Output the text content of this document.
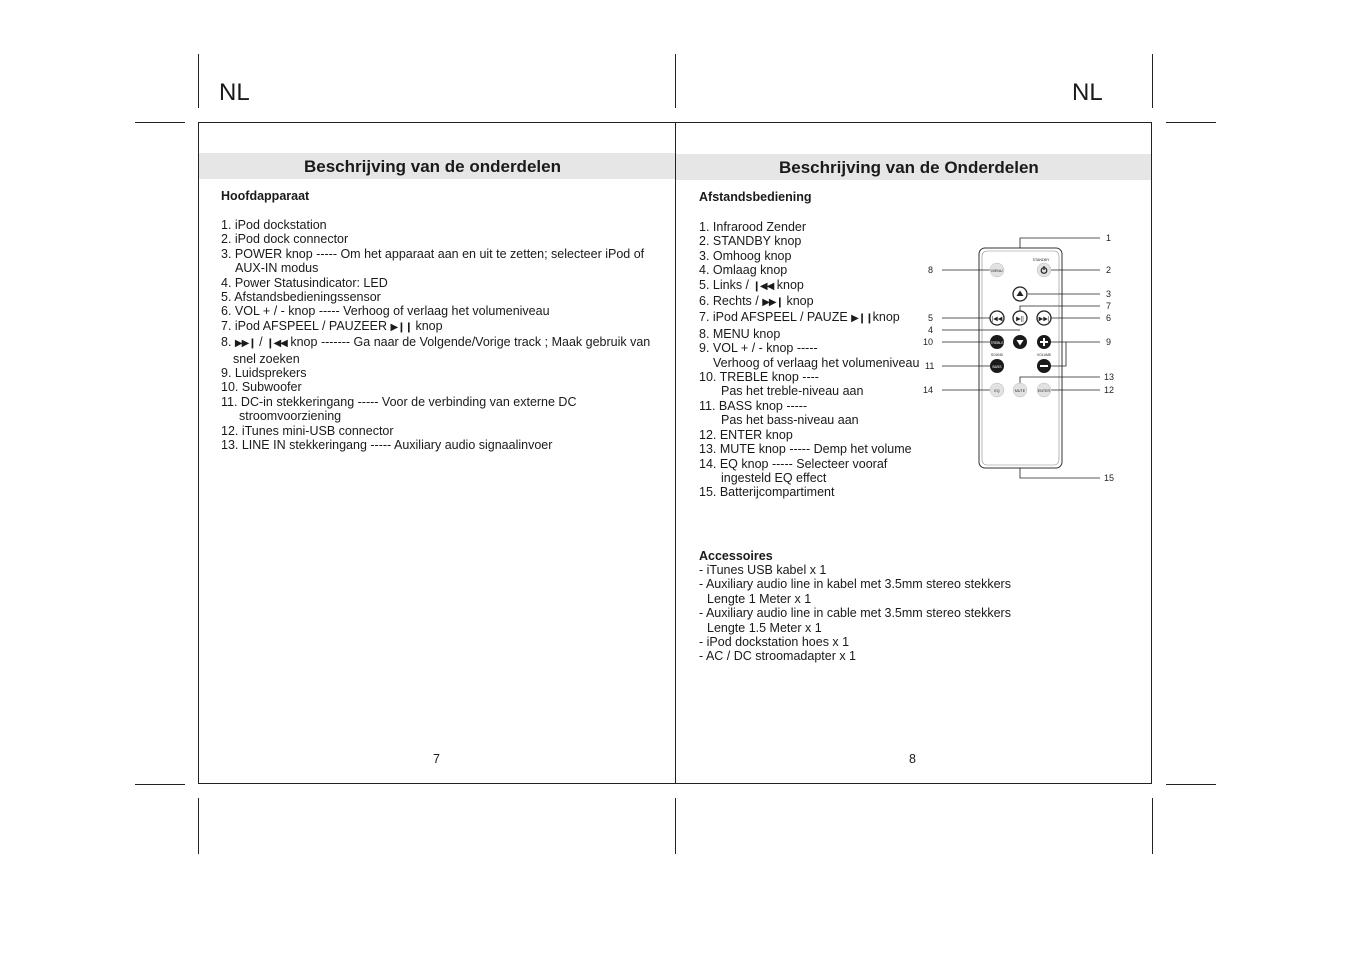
NL	NL
Beschrijving van de onderdelen
Hoofdapparaat
1. iPod dockstation
2. iPod dock connector
3. POWER knop ----- Om het apparaat aan en uit te zetten; selecteer iPod of
AUX-IN modus
4. Power Statusindicator: LED
5. Afstandsbedieningssensor
6. VOL + / - knop ----- Verhoog of verlaag het volumeniveau
7. iPod AFSPEEL / PAUZEER ▶❙❙ knop
8. ▶▶❙ / ❙◀◀ knop ------- Ga naar de Volgende/Vorige track ; Maak gebruik van
snel zoeken
9. Luidsprekers
10. Subwoofer
11. DC-in stekkeringang ----- Voor de verbinding van externe DC
stroomvoorziening
12. iTunes mini-USB connector
13. LINE IN stekkeringang ----- Auxiliary audio signaalinvoer
7
Beschrijving van de Onderdelen
Afstandsbediening
1. Infrarood Zender
2. STANDBY knop
3. Omhoog knop
4. Omlaag knop
5. Links / ❙◀◀ knop
6. Rechts / ▶▶❙ knop
7. iPod AFSPEEL / PAUZE ▶❙❙knop
8. MENU knop
9. VOL + / - knop -----
Verhoog of verlaag het volumeniveau
10. TREBLE knop ----
Pas het treble-niveau aan
11. BASS knop -----
Pas het bass-niveau aan
12. ENTER knop
13. MUTE knop ----- Demp het volume
14. EQ knop ----- Selecteer vooraf
ingesteld EQ effect
15. Batterijcompartiment
MENU
STANDBY
|◀◀ ▶|| ▶▶|
TREBLE
SOUND	VOLUME
BASS
EQ	MUTE	ENTER
1
2
3
7
6
9
13
12
15
8
5
4
10
11
14
Accessoires
- iTunes USB kabel x 1
- Auxiliary audio line in kabel met 3.5mm stereo stekkers
Lengte 1 Meter x 1
- Auxiliary audio line in cable met 3.5mm stereo stekkers
Lengte 1.5 Meter x 1
- iPod dockstation hoes x 1
- AC / DC stroomadapter x 1
8
